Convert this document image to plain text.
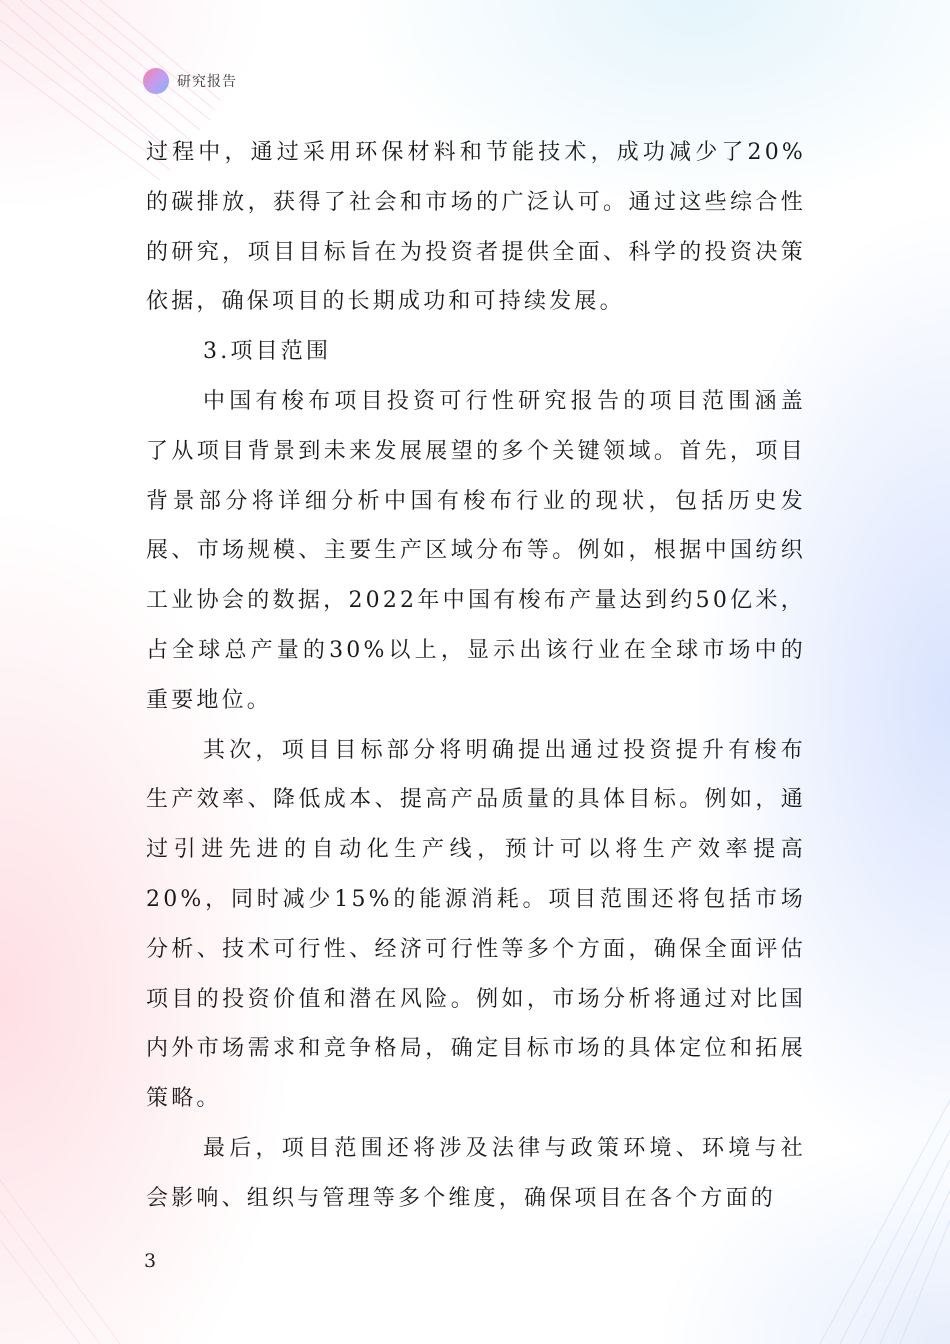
研究报告

过程中，通过采用环保材料和节能技术，成功减少了20%的碳排放，获得了社会和市场的广泛认可。通过这些综合性的研究，项目目标旨在为投资者提供全面、科学的投资决策依据，确保项目的长期成功和可持续发展。

3.项目范围

中国有梭布项目投资可行性研究报告的项目范围涵盖了从项目背景到未来发展展望的多个关键领域。首先，项目背景部分将详细分析中国有梭布行业的现状，包括历史发展、市场规模、主要生产区域分布等。例如，根据中国纺织工业协会的数据，2022年中国有梭布产量达到约50亿米，占全球总产量的30%以上，显示出该行业在全球市场中的重要地位。

其次，项目目标部分将明确提出通过投资提升有梭布生产效率、降低成本、提高产品质量的具体目标。例如，通过引进先进的自动化生产线，预计可以将生产效率提高20%，同时减少15%的能源消耗。项目范围还将包括市场分析、技术可行性、经济可行性等多个方面，确保全面评估项目的投资价值和潜在风险。例如，市场分析将通过对比国内外市场需求和竞争格局，确定目标市场的具体定位和拓展策略。

最后，项目范围还将涉及法律与政策环境、环境与社会影响、组织与管理等多个维度，确保项目在各个方面的

3
